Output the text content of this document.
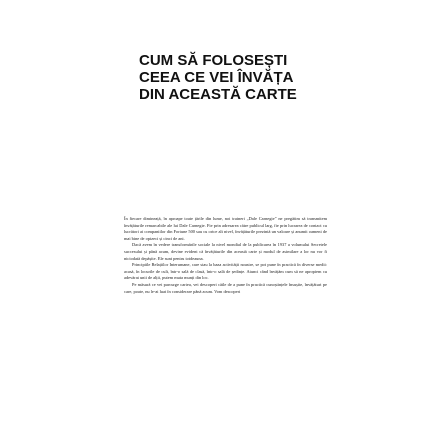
CUM SĂ FOLOSEȘTI
CEEA CE VEI ÎNVĂȚA
DIN ACEASTĂ CARTE

În fiecare dimineață, în aproape toate țările din lume, noi traineri „Dale Carnegie” ne pregătim să transmitem învățăturile remarcabile ale lui Dale Carnegie. Fie prin adresarea către publicul larg, fie prin lucrarea de contact cu lucrători ai companiilor din Fortune 500 sau cu orice alt nivel, învățăturile prezintă un valoare și anumit oameni de mai bine de optzeci și cinci de ani.

Dacă avem în vedere transformările sociale la nivel mondial de la publicarea în 1937 a volumului Secretele succesului și până acum, devine evident că învățăturile din această carte și modul de asimilare a lor nu vor fi niciodată depășite. Ele sunt pentru totdeauna.

Principiile Relațiilor Interumane, care stau la baza activității noastre, se pot pune în practică în diverse medii: acasă, în locurile de cult, într-o sală de clasă, într-o sală de ședințe. Atunci când învățăm cum să ne apropiem cu adevărat unii de alții, putem muta munți din loc.

Pe măsură ce vei parcurge cartea, vei descoperi căile de a pune în practică cunoștințele însușite, învățături pe care, poate, nu le-ai luat în considerare până acum. Vom descoperi
